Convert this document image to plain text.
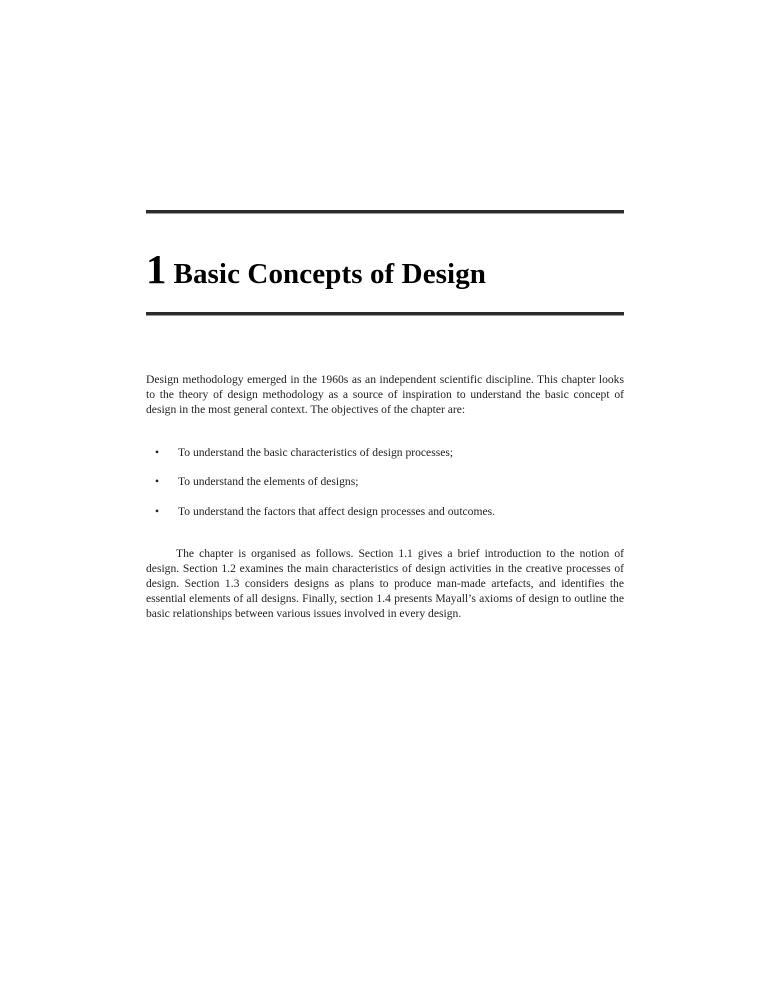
1 Basic Concepts of Design

Design methodology emerged in the 1960s as an independent scientific discipline. This chapter looks to the theory of design methodology as a source of inspiration to understand the basic concept of design in the most general context. The objectives of the chapter are:

• To understand the basic characteristics of design processes;
• To understand the elements of designs;
• To understand the factors that affect design processes and outcomes.

The chapter is organised as follows. Section 1.1 gives a brief introduction to the notion of design. Section 1.2 examines the main characteristics of design activities in the creative processes of design. Section 1.3 considers designs as plans to produce man-made artefacts, and identifies the essential elements of all designs. Finally, section 1.4 presents Mayall’s axioms of design to outline the basic relationships between various issues involved in every design.
